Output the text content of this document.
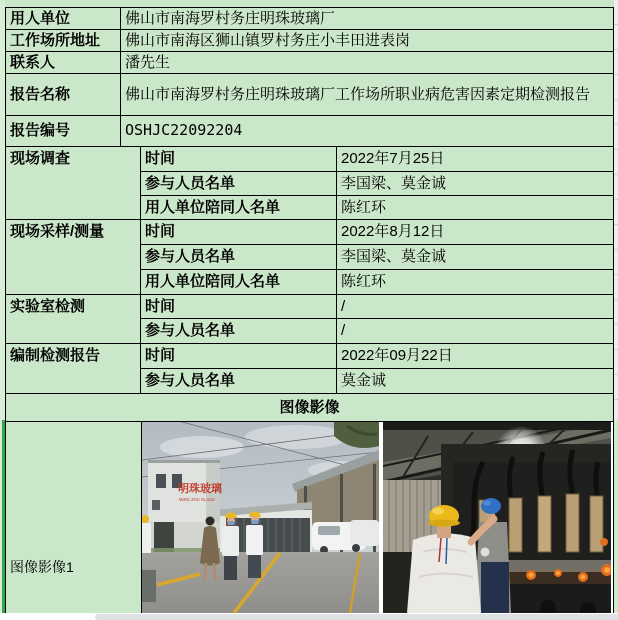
用人单位	佛山市南海罗村务庄明珠玻璃厂
工作场所地址	佛山市南海区狮山镇罗村务庄小丰田进表岗
联系人	潘先生
报告名称	佛山市南海罗村务庄明珠玻璃厂工作场所职业病危害因素定期检测报告
报告编号	OSHJC22092204
现场调查	时间	2022年7月25日
参与人员名单	李国梁、莫金诚
用人单位陪同人名单	陈红环
现场采样/测量	时间	2022年8月12日
参与人员名单	李国梁、莫金诚
用人单位陪同人名单	陈红环
实验室检测	时间	/
参与人员名单	/
编制检测报告	时间	2022年09月22日
参与人员名单	莫金诚
图像影像
图像影像1
明珠玻璃
MING ZHU GLASS
